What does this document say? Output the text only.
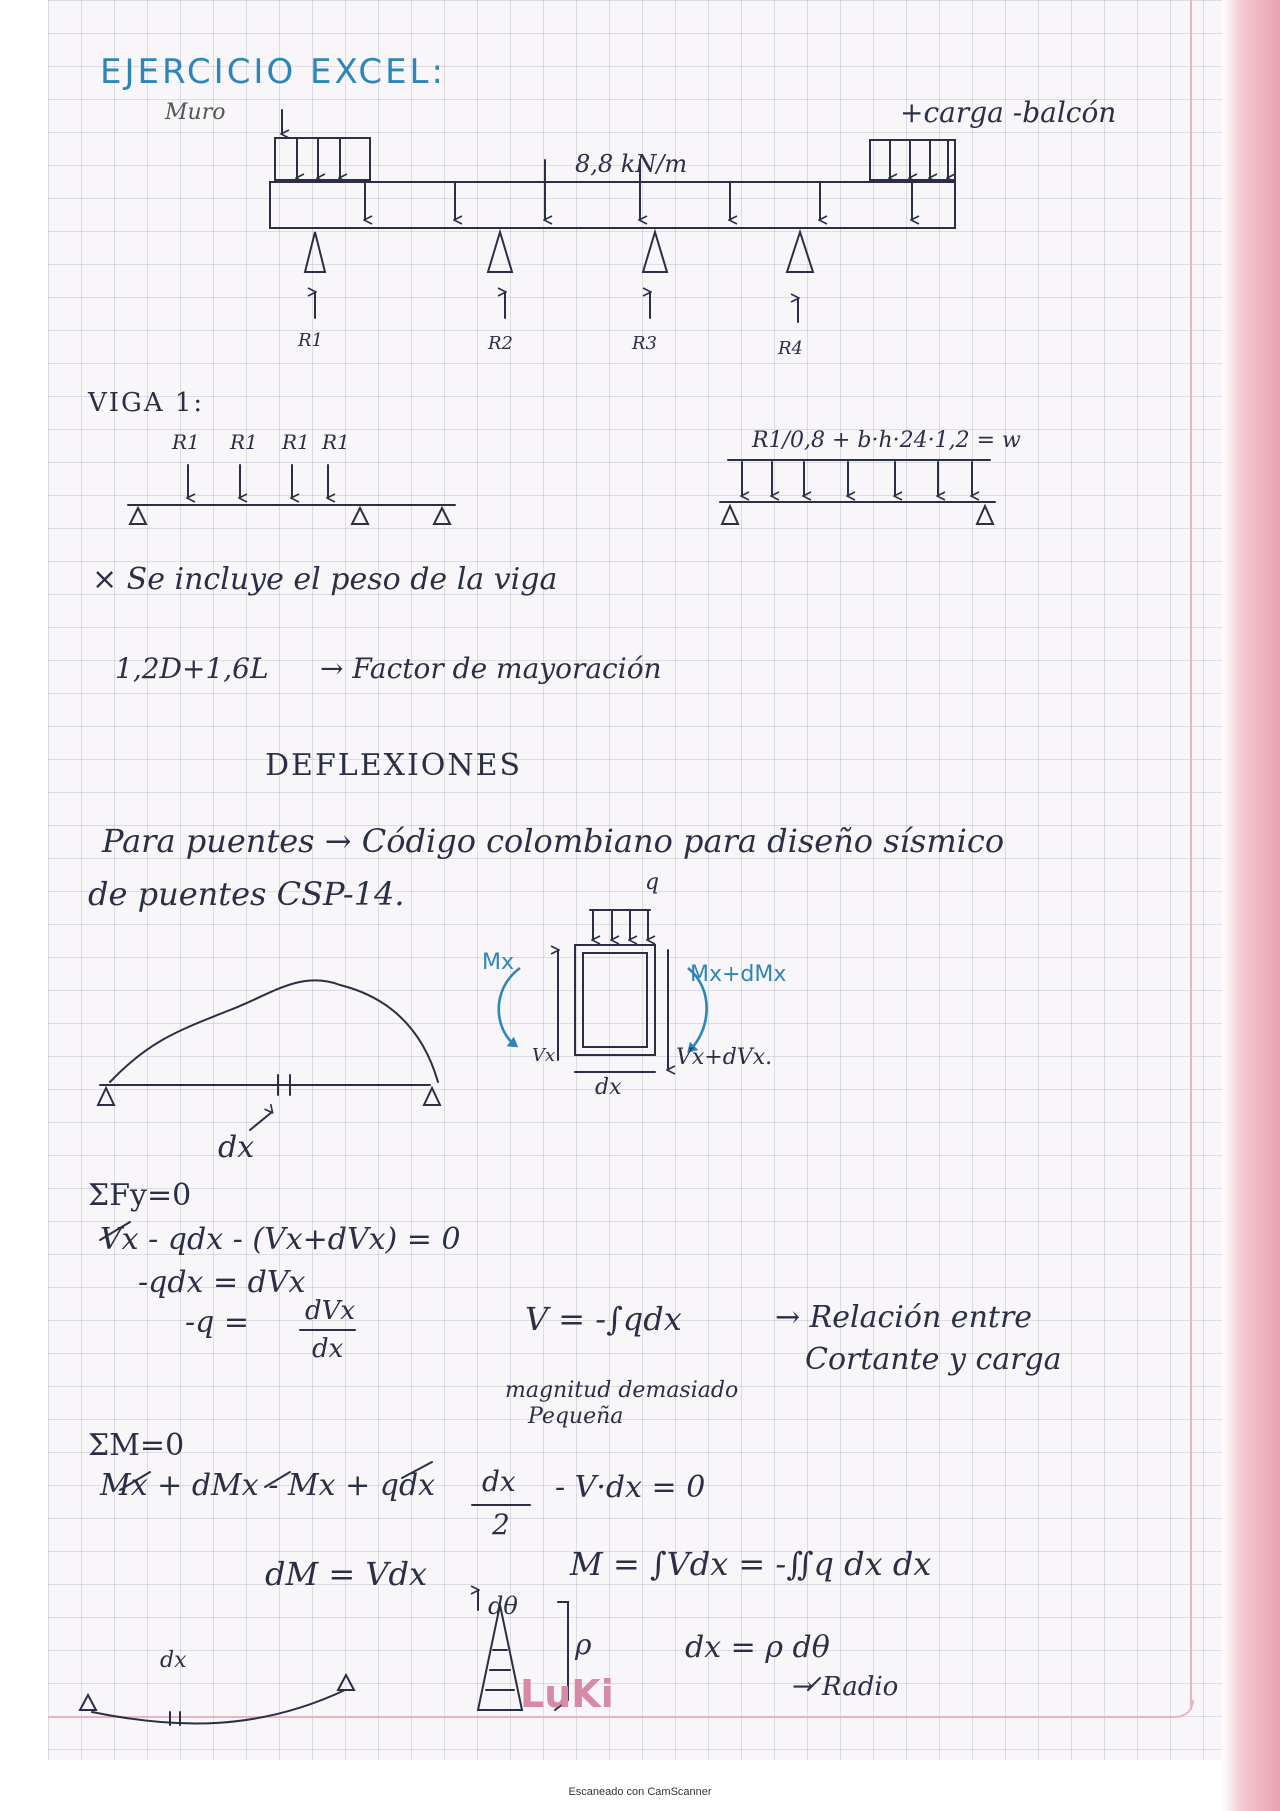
EJERCICIO EXCEL:
Muro	+carga -balcón
8,8 kN/m
R1	R2	R3	R4
VIGA 1:
R1 R1 R1 R1	R1/0,8 + b·h·24·1,2 = w
× Se incluye el peso de la viga
1,2D+1,6L → Factor de mayoración
DEFLEXIONES
Para puentes → Código colombiano para diseño sísmico
de puentes CSP-14.	q
Mx	Mx+dMx
Vx	Vx+dVx.
dx
dx
ΣFy=0
Vx - qdx - (Vx+dVx) = 0
-qdx = dVx
-q = dVx
dx
V = -∫qdx	→ Relación entre
Cortante y carga
magnitud demasiado
Pequeña
ΣM=0
Mx + dMx - Mx + qdx dx
2
- V·dx = 0
dM = Vdx	M = ∫Vdx = -∬q dx dx
dθ
ρ	dx = ρ dθ
→ Radio
dx
LuKi
Escaneado con CamScanner
